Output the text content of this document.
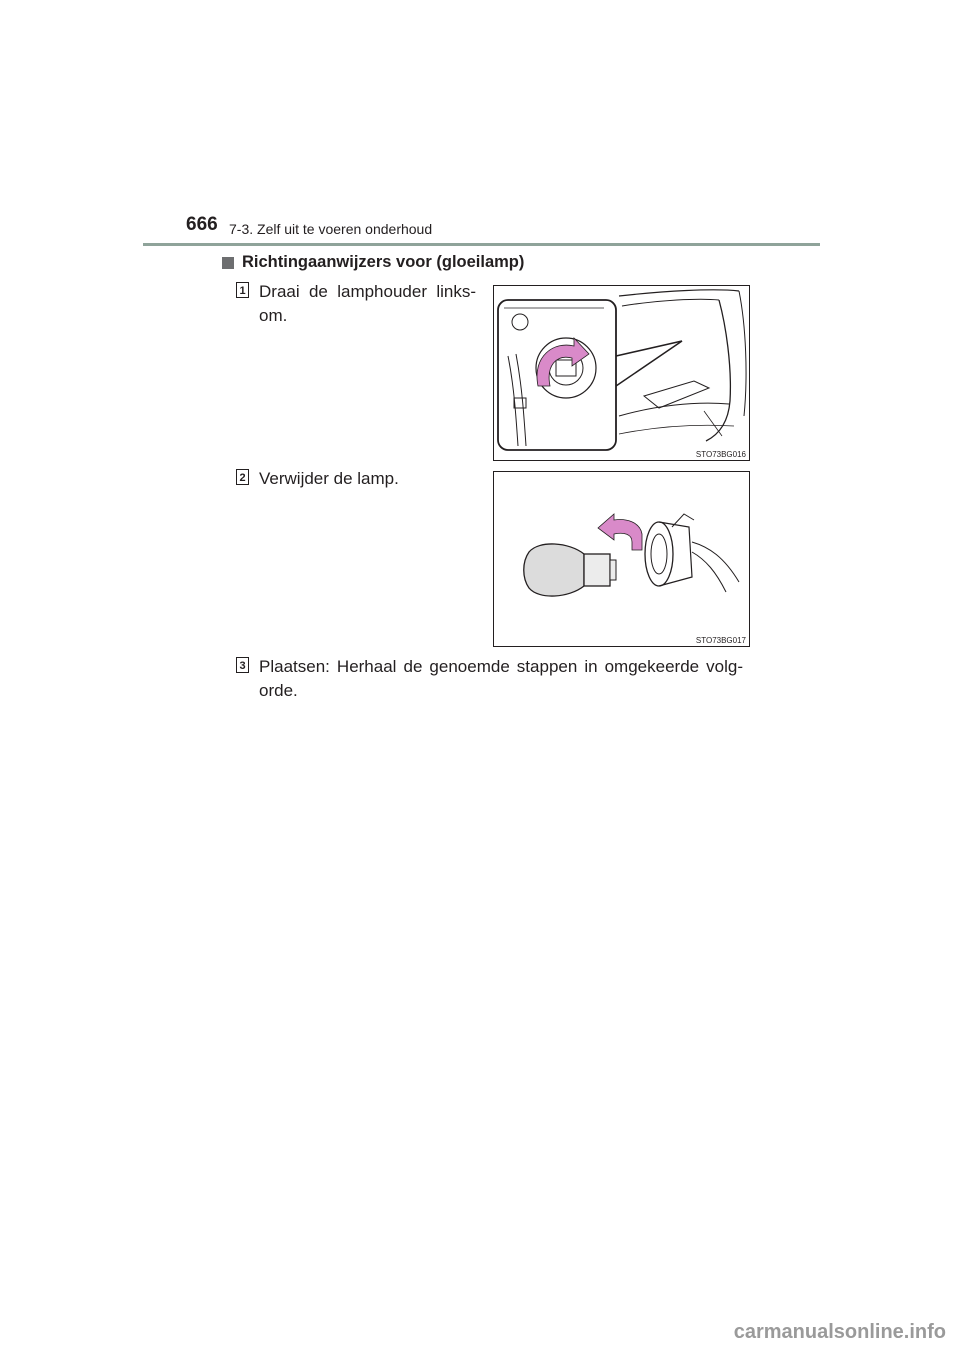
666 7-3. Zelf uit te voeren onderhoud
Richtingaanwijzers voor (gloeilamp)
1 Draai de lamphouder links-om.
STO73BG016
2 Verwijder de lamp.
STO73BG017
3 Plaatsen: Herhaal de genoemde stappen in omgekeerde volg-orde.
carmanualsonline.info
